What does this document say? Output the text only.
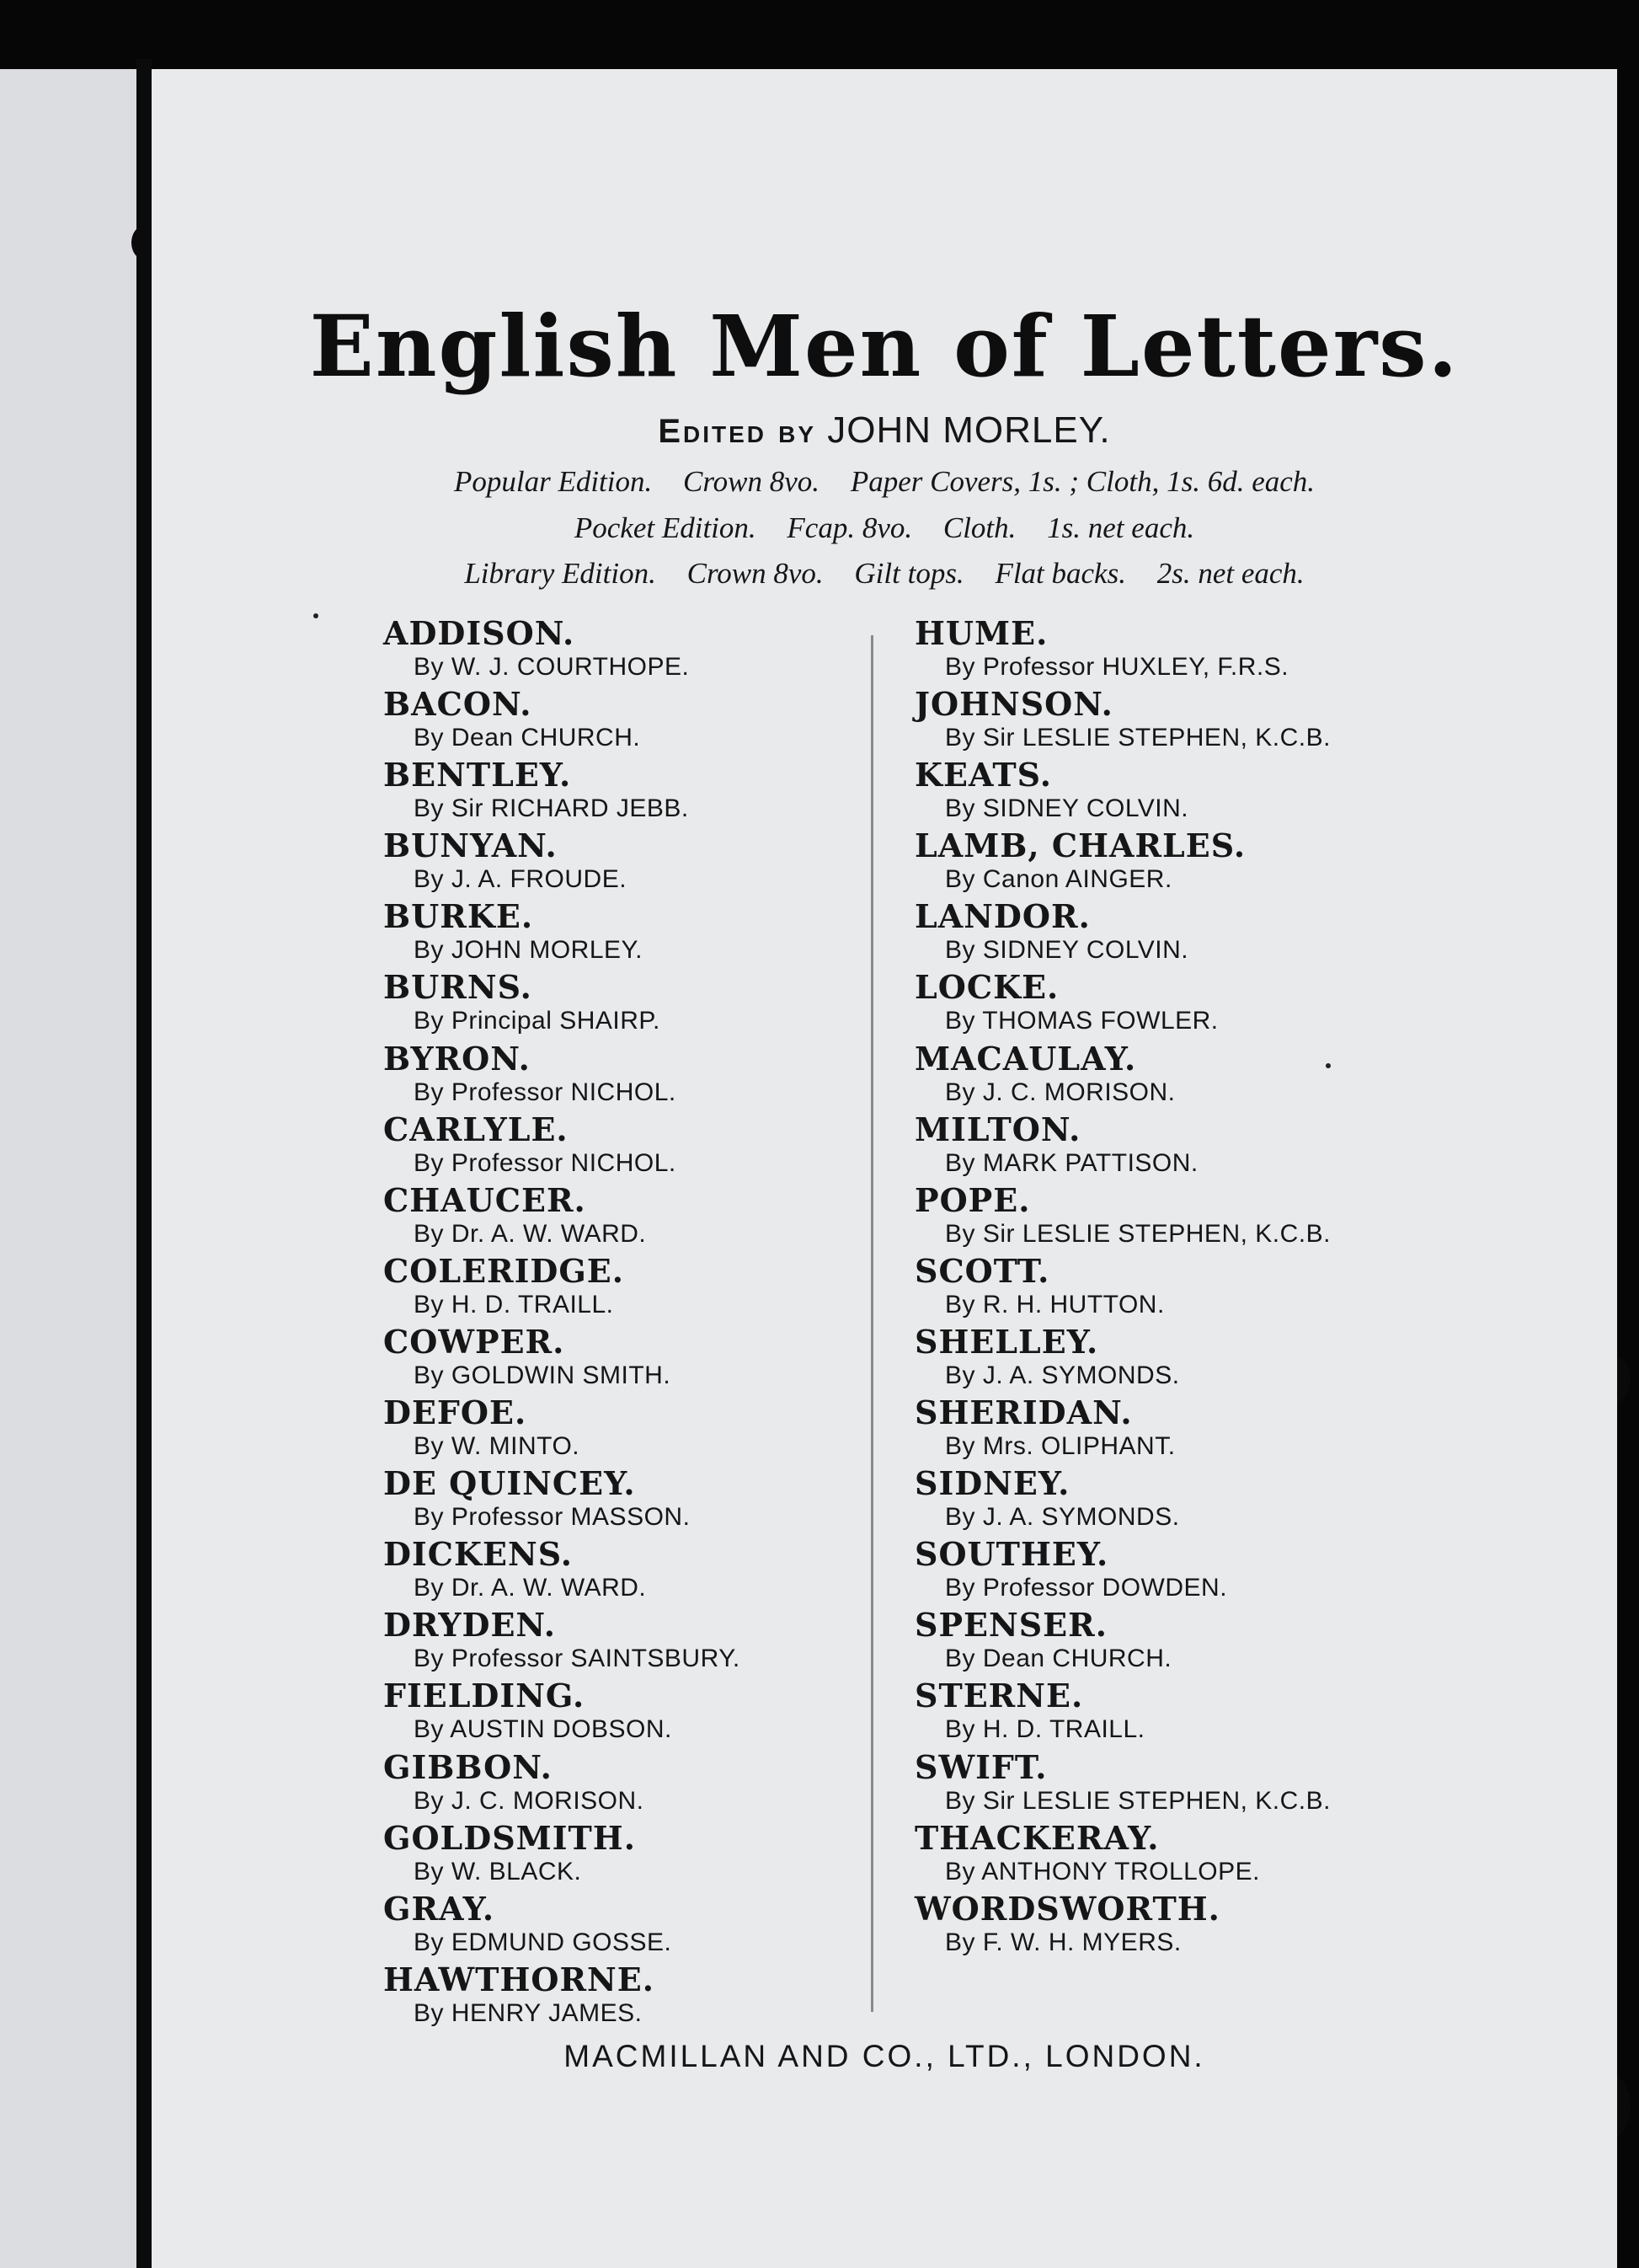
English Men of Letters.
Edited by JOHN MORLEY.
Popular Edition. Crown 8vo. Paper Covers, 1s. ; Cloth, 1s. 6d. each.
Pocket Edition. Fcap. 8vo. Cloth. 1s. net each.
Library Edition. Crown 8vo. Gilt tops. Flat backs. 2s. net each.
ADDISON.
By W. J. COURTHOPE.
BACON.
By Dean CHURCH.
BENTLEY.
By Sir RICHARD JEBB.
BUNYAN.
By J. A. FROUDE.
BURKE.
By JOHN MORLEY.
BURNS.
By Principal SHAIRP.
BYRON.
By Professor NICHOL.
CARLYLE.
By Professor NICHOL.
CHAUCER.
By Dr. A. W. WARD.
COLERIDGE.
By H. D. TRAILL.
COWPER.
By GOLDWIN SMITH.
DEFOE.
By W. MINTO.
DE QUINCEY.
By Professor MASSON.
DICKENS.
By Dr. A. W. WARD.
DRYDEN.
By Professor SAINTSBURY.
FIELDING.
By AUSTIN DOBSON.
GIBBON.
By J. C. MORISON.
GOLDSMITH.
By W. BLACK.
GRAY.
By EDMUND GOSSE.
HAWTHORNE.
By HENRY JAMES.
HUME.
By Professor HUXLEY, F.R.S.
JOHNSON.
By Sir LESLIE STEPHEN, K.C.B.
KEATS.
By SIDNEY COLVIN.
LAMB, CHARLES.
By Canon AINGER.
LANDOR.
By SIDNEY COLVIN.
LOCKE.
By THOMAS FOWLER.
MACAULAY.
By J. C. MORISON.
MILTON.
By MARK PATTISON.
POPE.
By Sir LESLIE STEPHEN, K.C.B.
SCOTT.
By R. H. HUTTON.
SHELLEY.
By J. A. SYMONDS.
SHERIDAN.
By Mrs. OLIPHANT.
SIDNEY.
By J. A. SYMONDS.
SOUTHEY.
By Professor DOWDEN.
SPENSER.
By Dean CHURCH.
STERNE.
By H. D. TRAILL.
SWIFT.
By Sir LESLIE STEPHEN, K.C.B.
THACKERAY.
By ANTHONY TROLLOPE.
WORDSWORTH.
By F. W. H. MYERS.
MACMILLAN AND CO., LTD., LONDON.
